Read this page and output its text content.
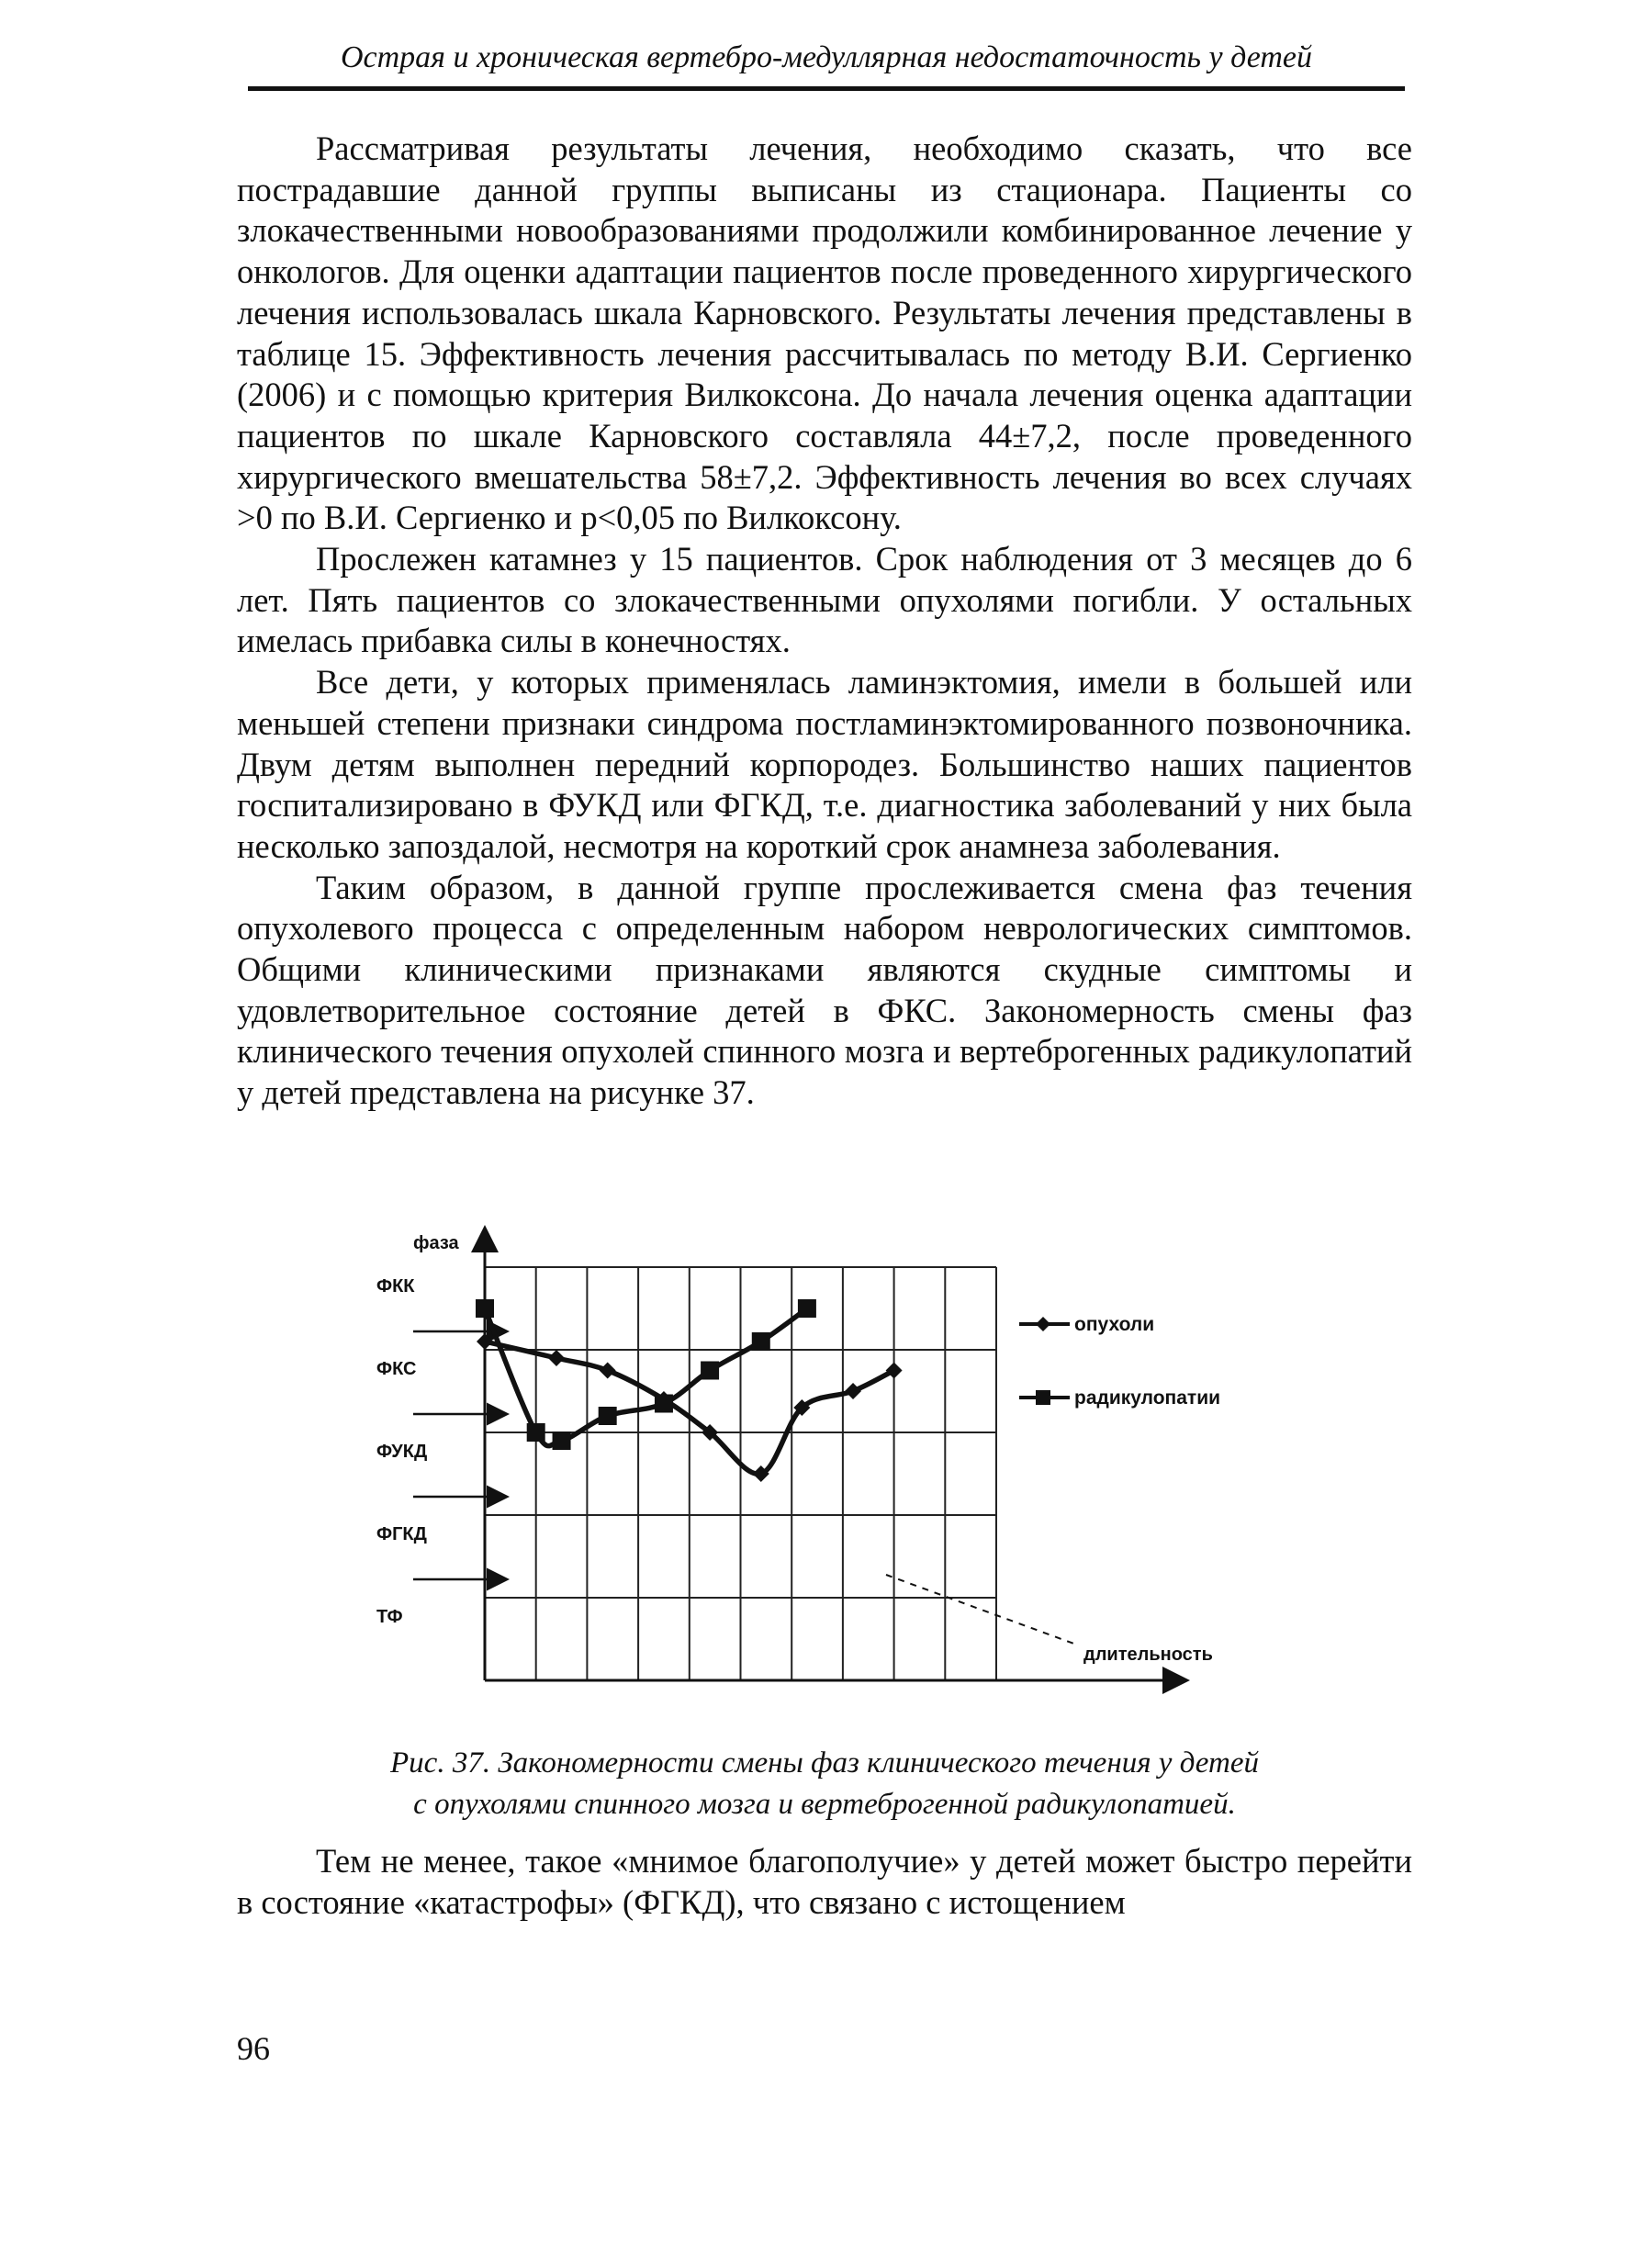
Острая и хроническая вертебро-медуллярная недостаточность у детей

Рассматривая результаты лечения, необходимо сказать, что все пострадавшие данной группы выписаны из стационара. Пациенты со злокачественными новообразованиями продолжили комбинированное лечение у онкологов. Для оценки адаптации пациентов после проведенного хирургического лечения использовалась шкала Карновского. Результаты лечения представлены в таблице 15. Эффективность лечения рассчитывалась по методу В.И. Сергиенко (2006) и с помощью критерия Вилкоксона. До начала лечения оценка адаптации пациентов по шкале Карновского составляла 44±7,2, после проведенного хирургического вмешательства 58±7,2. Эффективность лечения во всех случаях >0 по В.И. Сергиенко и p<0,05 по Вилкоксону.

Прослежен катамнез у 15 пациентов. Срок наблюдения от 3 месяцев до 6 лет. Пять пациентов со злокачественными опухолями погибли. У остальных имелась прибавка силы в конечностях.

Все дети, у которых применялась ламинэктомия, имели в большей или меньшей степени признаки синдрома постламинэктомированного позвоночника. Двум детям выполнен передний корпородез. Большинство наших пациентов госпитализировано в ФУКД или ФГКД, т.е. диагностика заболеваний у них была несколько запоздалой, несмотря на короткий срок анамнеза заболевания.

Таким образом, в данной группе прослеживается смена фаз течения опухолевого процесса с определенным набором неврологических симптомов. Общими клиническими признаками являются скудные симптомы и удовлетворительное состояние детей в ФКС. Закономерность смены фаз клинического течения опухолей спинного мозга и вертеброгенных радикулопатий у детей представлена на рисунке 37.

ФКК
ФКС
ФУКД
ФГКД
ТФ
опухоли
радикулопатии
фаза
длительность

Рис. 37. Закономерности смены фаз клинического течения у детей

с опухолями спинного мозга и вертеброгенной радикулопатией.

Тем не менее, такое «мнимое благополучие» у детей может быстро перейти в состояние «катастрофы» (ФГКД), что связано с истощением

96
